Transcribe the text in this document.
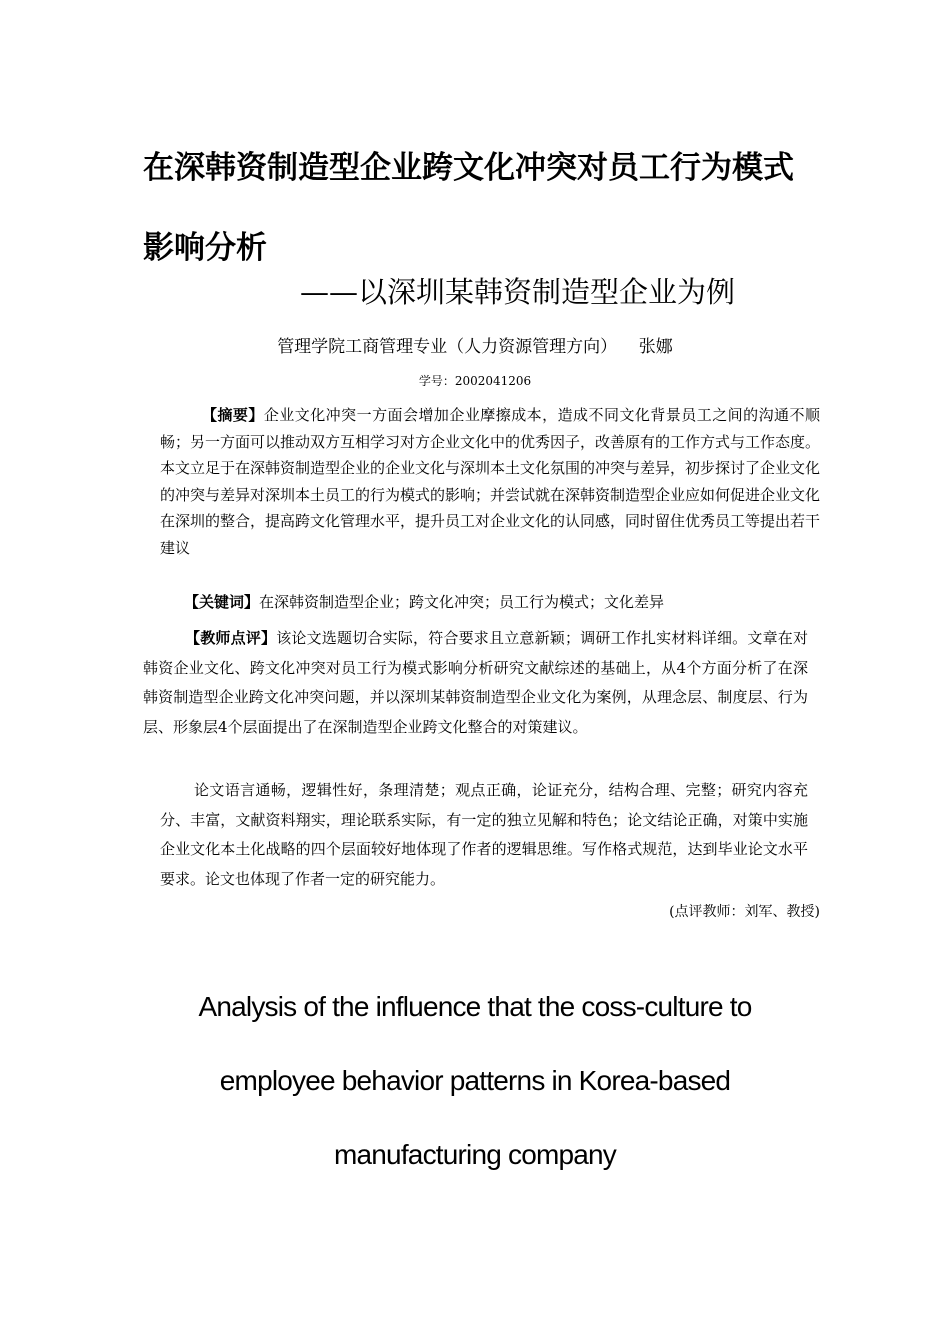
在深韩资制造型企业跨文化冲突对员工行为模式影响分析
——以深圳某韩资制造型企业为例
管理学院工商管理专业（人力资源管理方向）    张娜
学号：2002041206
【摘要】企业文化冲突一方面会增加企业摩擦成本，造成不同文化背景员工之间的沟通不顺畅；另一方面可以推动双方互相学习对方企业文化中的优秀因子，改善原有的工作方式与工作态度。本文立足于在深韩资制造型企业的企业文化与深圳本土文化氛围的冲突与差异，初步探讨了企业文化的冲突与差异对深圳本土员工的行为模式的影响；并尝试就在深韩资制造型企业应如何促进企业文化在深圳的整合，提高跨文化管理水平，提升员工对企业文化的认同感，同时留住优秀员工等提出若干建议
【关键词】在深韩资制造型企业；跨文化冲突；员工行为模式；文化差异
【教师点评】该论文选题切合实际，符合要求且立意新颖；调研工作扎实材料详细。文章在对韩资企业文化、跨文化冲突对员工行为模式影响分析研究文献综述的基础上，从4个方面分析了在深韩资制造型企业跨文化冲突问题，并以深圳某韩资制造型企业文化为案例，从理念层、制度层、行为层、形象层4个层面提出了在深制造型企业跨文化整合的对策建议。
论文语言通畅，逻辑性好，条理清楚；观点正确，论证充分，结构合理、完整；研究内容充分、丰富，文献资料翔实，理论联系实际，有一定的独立见解和特色；论文结论正确，对策中实施企业文化本土化战略的四个层面较好地体现了作者的逻辑思维。写作格式规范，达到毕业论文水平要求。论文也体现了作者一定的研究能力。
(点评教师：刘军、教授)
Analysis of the influence that the coss-culture to
employee behavior patterns in Korea-based
manufacturing company
